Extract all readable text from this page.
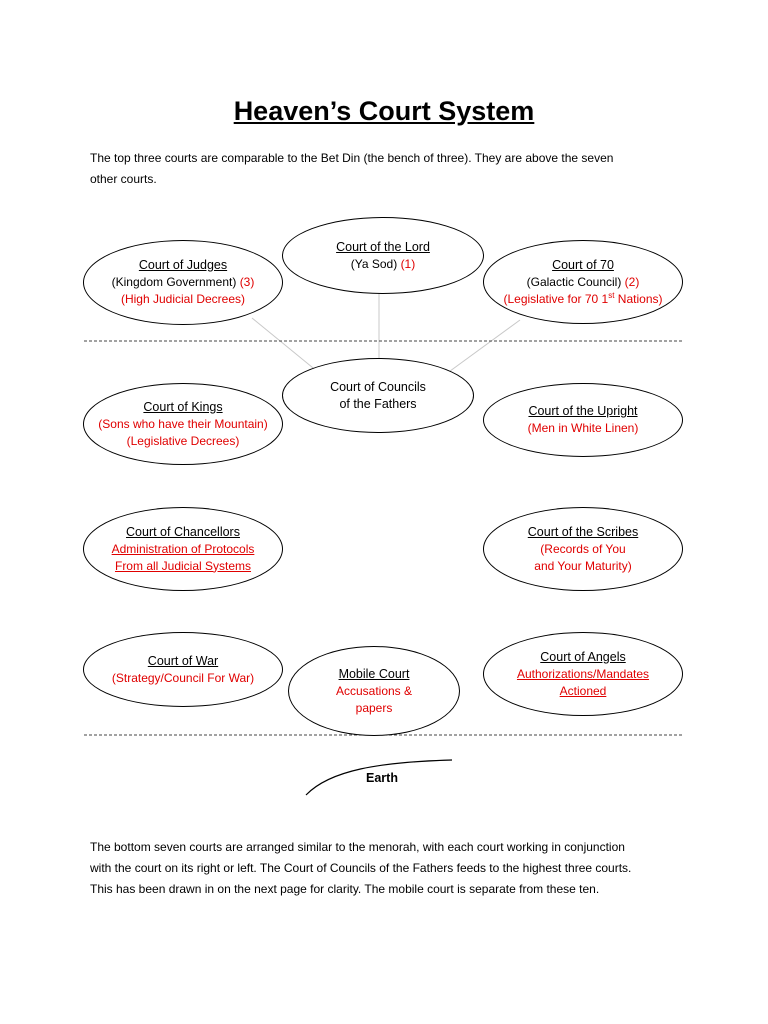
Heaven’s Court System
The top three courts are comparable to the Bet Din (the bench of three). They are above the seven
other courts.
Court of the Lord
(Ya Sod) (1)
Court of Judges
(Kingdom Government) (3)
(High Judicial Decrees)
Court of 70
(Galactic Council) (2)
(Legislative for 70 1st Nations)
Court of Councils
of the Fathers
Court of Kings
(Sons who have their Mountain)
(Legislative Decrees)
Court of the Upright
(Men in White Linen)
Court of Chancellors
Administration of Protocols
From all Judicial Systems
Court of the Scribes
(Records of You
and Your Maturity)
Court of War
(Strategy/Council For War)	Mobile Court
Accusations &
papers
Court of Angels
Authorizations/Mandates
Actioned
Earth
The bottom seven courts are arranged similar to the menorah, with each court working in conjunction
with the court on its right or left. The Court of Councils of the Fathers feeds to the highest three courts.
This has been drawn in on the next page for clarity. The mobile court is separate from these ten.
